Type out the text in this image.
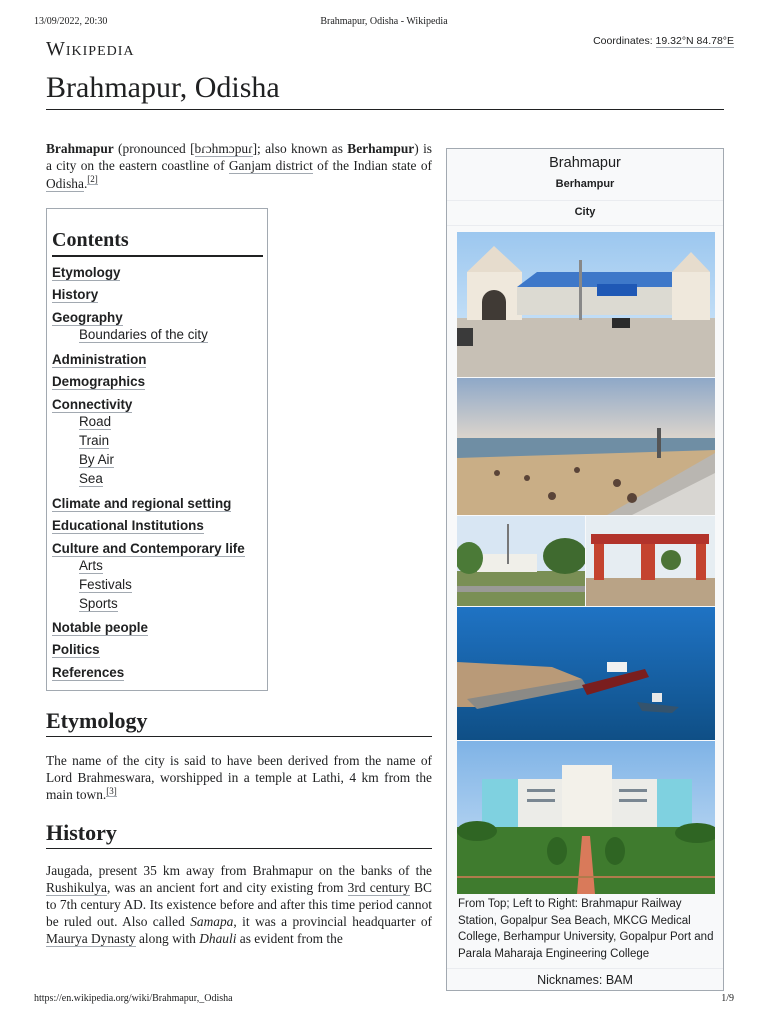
13/09/2022, 20:30	Brahmapur, Odisha - Wikipedia
Wikipedia	Coordinates: 19.32°N 84.78°E
Brahmapur, Odisha

Brahmapur (pronounced [bɾɔhmɔpuɾ]; also known as Berhampur) is a city on the eastern coastline of Ganjam district of the Indian state of Odisha.[2]

Contents
Etymology
History
Geography
Boundaries of the city
Administration
Demographics
Connectivity
Road
Train
By Air
Sea
Climate and regional setting
Educational Institutions
Culture and Contemporary life
Arts
Festivals
Sports
Notable people
Politics
References
Etymology

The name of the city is said to have been derived from the name of Lord Brahmeswara, worshipped in a temple at Lathi, 4 km from the main town.[3]

History

Jaugada, present 35 km away from Brahmapur on the banks of the Rushikulya, was an ancient fort and city existing from 3rd century BC to 7th century AD. Its existence before and after this time period cannot be ruled out. Also called Samapa, it was a provincial headquarter of Maurya Dynasty along with Dhauli as evident from the

Brahmapur
Berhampur
City
From Top; Left to Right: Brahmapur Railway Station, Gopalpur Sea Beach, MKCG Medical College, Berhampur University, Gopalpur Port and Parala Maharaja Engineering College
Nicknames: BAM
https://en.wikipedia.org/wiki/Brahmapur,_Odisha	1/9
